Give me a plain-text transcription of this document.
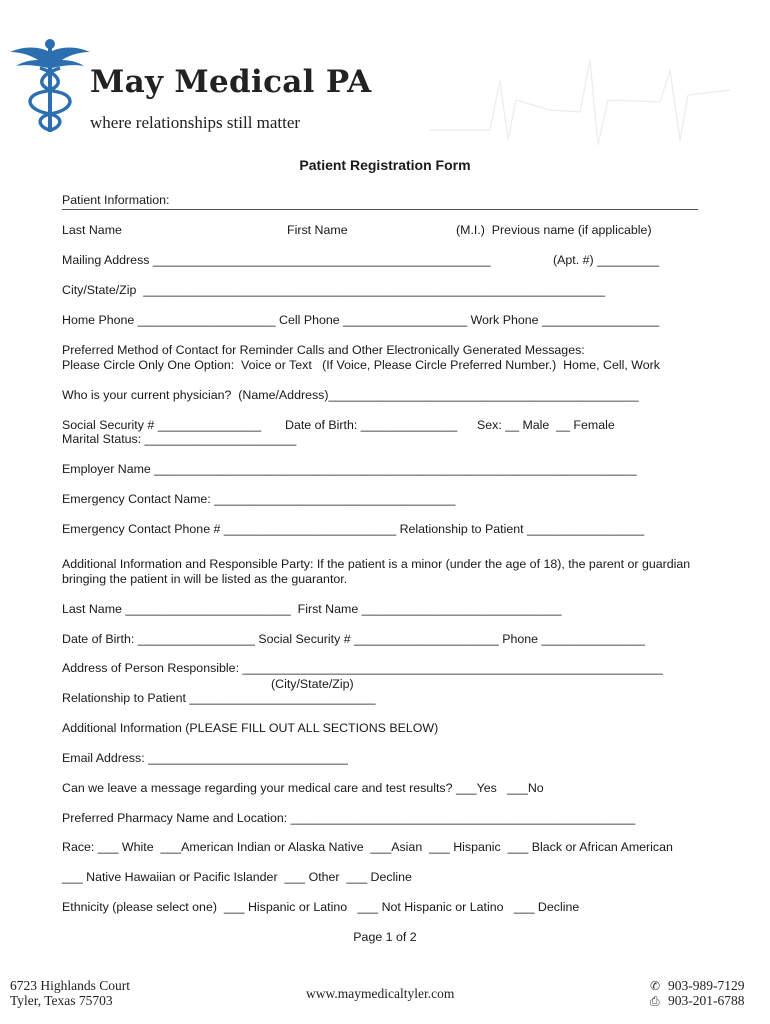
May Medical PA
where relationships still matter
Patient Registration Form
Patient Information:
Last Name	First Name	(M.I.)  Previous name (if applicable)
Mailing Address _________________________________________________	(Apt. #) _________
City/State/Zip  ___________________________________________________________________
Home Phone ____________________ Cell Phone __________________ Work Phone _________________
Preferred Method of Contact for Reminder Calls and Other Electronically Generated Messages:
Please Circle Only One Option:  Voice or Text   (If Voice, Please Circle Preferred Number.)  Home, Cell, Work
Who is your current physician?  (Name/Address)_____________________________________________
Social Security # _______________ Date of Birth: ______________ Sex: __ Male  __ Female
Marital Status: ______________________
Employer Name ______________________________________________________________________
Emergency Contact Name: ___________________________________
Emergency Contact Phone # _________________________ Relationship to Patient _________________
Additional Information and Responsible Party: If the patient is a minor (under the age of 18), the parent or guardian
bringing the patient in will be listed as the guarantor.
Last Name ________________________  First Name _____________________________
Date of Birth: _________________ Social Security # _____________________ Phone _______________
Address of Person Responsible: _____________________________________________________________
(City/State/Zip)
Relationship to Patient ___________________________
Additional Information (PLEASE FILL OUT ALL SECTIONS BELOW)
Email Address: _____________________________
Can we leave a message regarding your medical care and test results? ___Yes   ___No
Preferred Pharmacy Name and Location: __________________________________________________
Race: ___ White  ___American Indian or Alaska Native  ___Asian  ___ Hispanic  ___ Black or African American
___ Native Hawaiian or Pacific Islander  ___ Other  ___ Decline
Ethnicity (please select one)  ___ Hispanic or Latino   ___ Not Hispanic or Latino   ___ Decline
Page 1 of 2
6723 Highlands Court
Tyler, Texas 75703	www.maymedicaltyler.com	✆ 903-989-7129
⎙ 903-201-6788
